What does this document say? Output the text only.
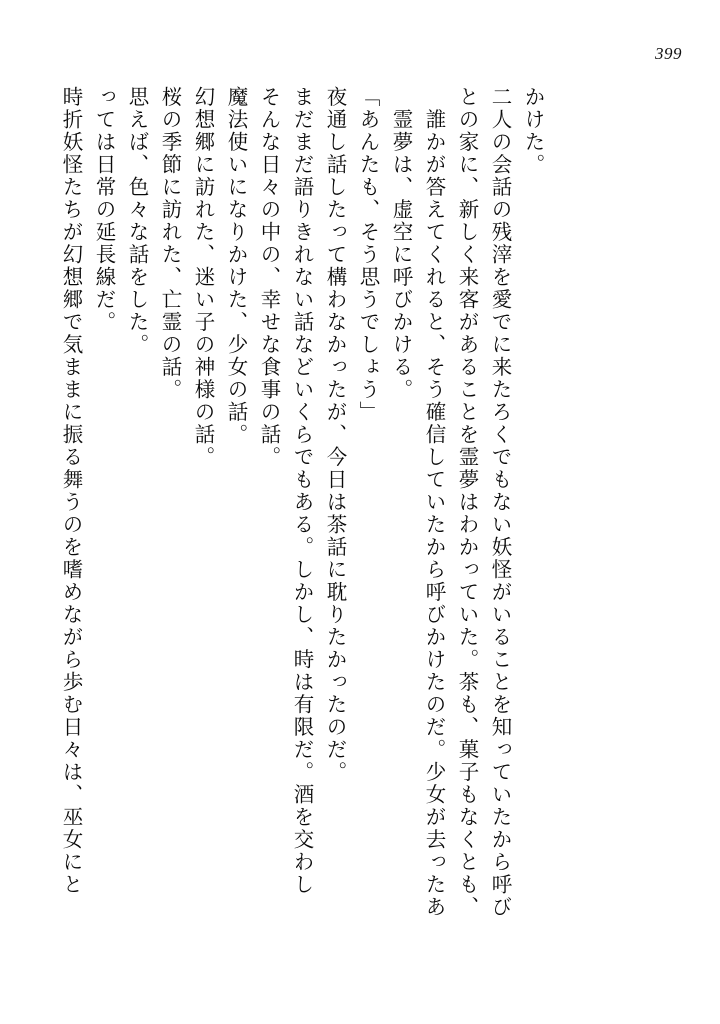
399
時折妖怪たちが幻想郷で気ままに振る舞うのを嗜めながら歩む日々は、巫女にと っては日常の延長線だ。 思えば、色々な話をした。 桜の季節に訪れた、亡霊の話。 幻想郷に訪れた、迷い子の神様の話。 魔法使いになりかけた、少女の話。 そんな日々の中の、幸せな食事の話。 まだまだ語りきれない話などいくらでもある。しかし、時は有限だ。酒を交わし 夜通し話したって構わなかったが、今日は茶話に耽りたかったのだ。 「あんたも、そう思うでしょう」 　霊夢は、虚空に呼びかける。 　誰かが答えてくれると、そう確信していたから呼びかけたのだ。少女が去ったあ との家に、新しく来客があることを霊夢はわかっていた。茶も、菓子もなくとも、 二人の会話の残滓を愛でに来たろくでもない妖怪がいることを知っていたから呼び かけた。
